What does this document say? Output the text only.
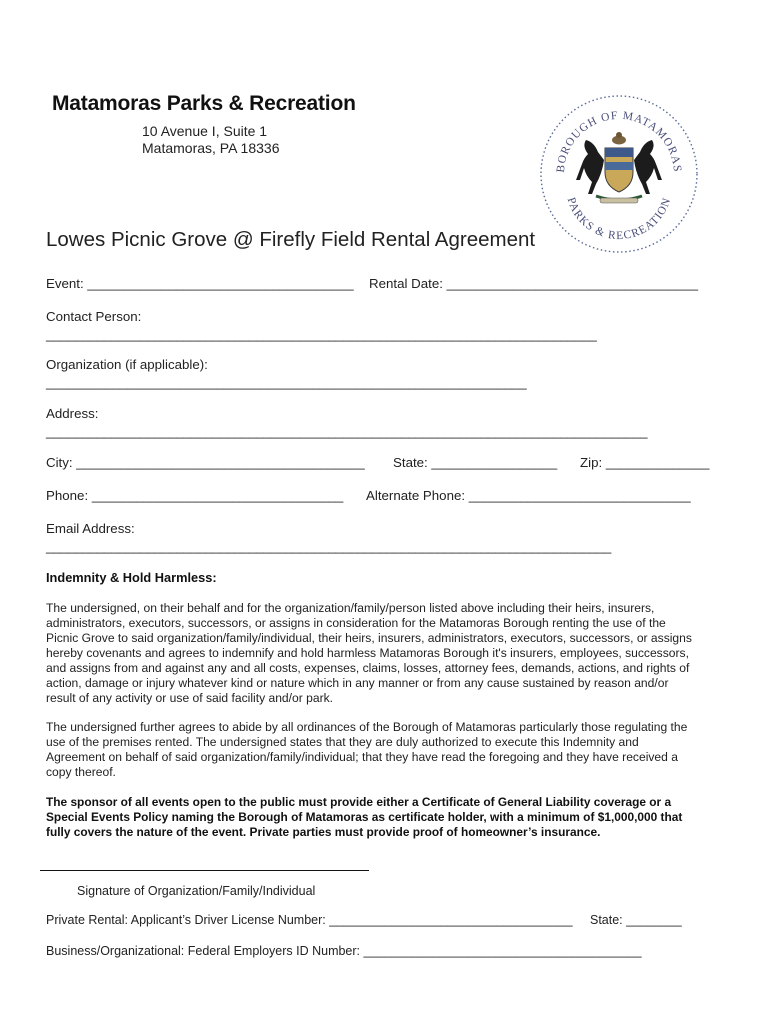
Matamoras Parks & Recreation
10 Avenue I, Suite 1
Matamoras, PA 18336
BOROUGH OF MATAMORAS
PARKS & RECREATION
Lowes Picnic Grove @ Firefly Field Rental Agreement
Event: ____________________________________ Rental Date: __________________________________
Contact Person:
____________________________________________________________________________
Organization (if applicable):
_________________________________________________________________
Address:
___________________________________________________________________________________
City: _______________________________________ State: _________________ Zip: ______________
Phone: __________________________________ Alternate Phone: ______________________________
Email Address:
______________________________________________________________________________
Indemnity & Hold Harmless:

The undersigned, on their behalf and for the organization/family/person listed above including their heirs, insurers,

administrators, executors, successors, or assigns in consideration for the Matamoras Borough renting the use of the

Picnic Grove to said organization/family/individual, their heirs, insurers, administrators, executors, successors, or assigns

hereby covenants and agrees to indemnify and hold harmless Matamoras Borough it's insurers, employees, successors,

and assigns from and against any and all costs, expenses, claims, losses, attorney fees, demands, actions, and rights of

action, damage or injury whatever kind or nature which in any manner or from any cause sustained by reason and/or

result of any activity or use of said facility and/or park.

The undersigned further agrees to abide by all ordinances of the Borough of Matamoras particularly those regulating the

use of the premises rented. The undersigned states that they are duly authorized to execute this Indemnity and

Agreement on behalf of said organization/family/individual; that they have read the foregoing and they have received a

copy thereof.

The sponsor of all events open to the public must provide either a Certificate of General Liability coverage or a

Special Events Policy naming the Borough of Matamoras as certificate holder, with a minimum of $1,000,000 that

fully covers the nature of the event. Private parties must provide proof of homeowner’s insurance.

Signature of Organization/Family/Individual
Private Rental: Applicant’s Driver License Number: ___________________________________ State: ________
Business/Organizational: Federal Employers ID Number: ________________________________________
